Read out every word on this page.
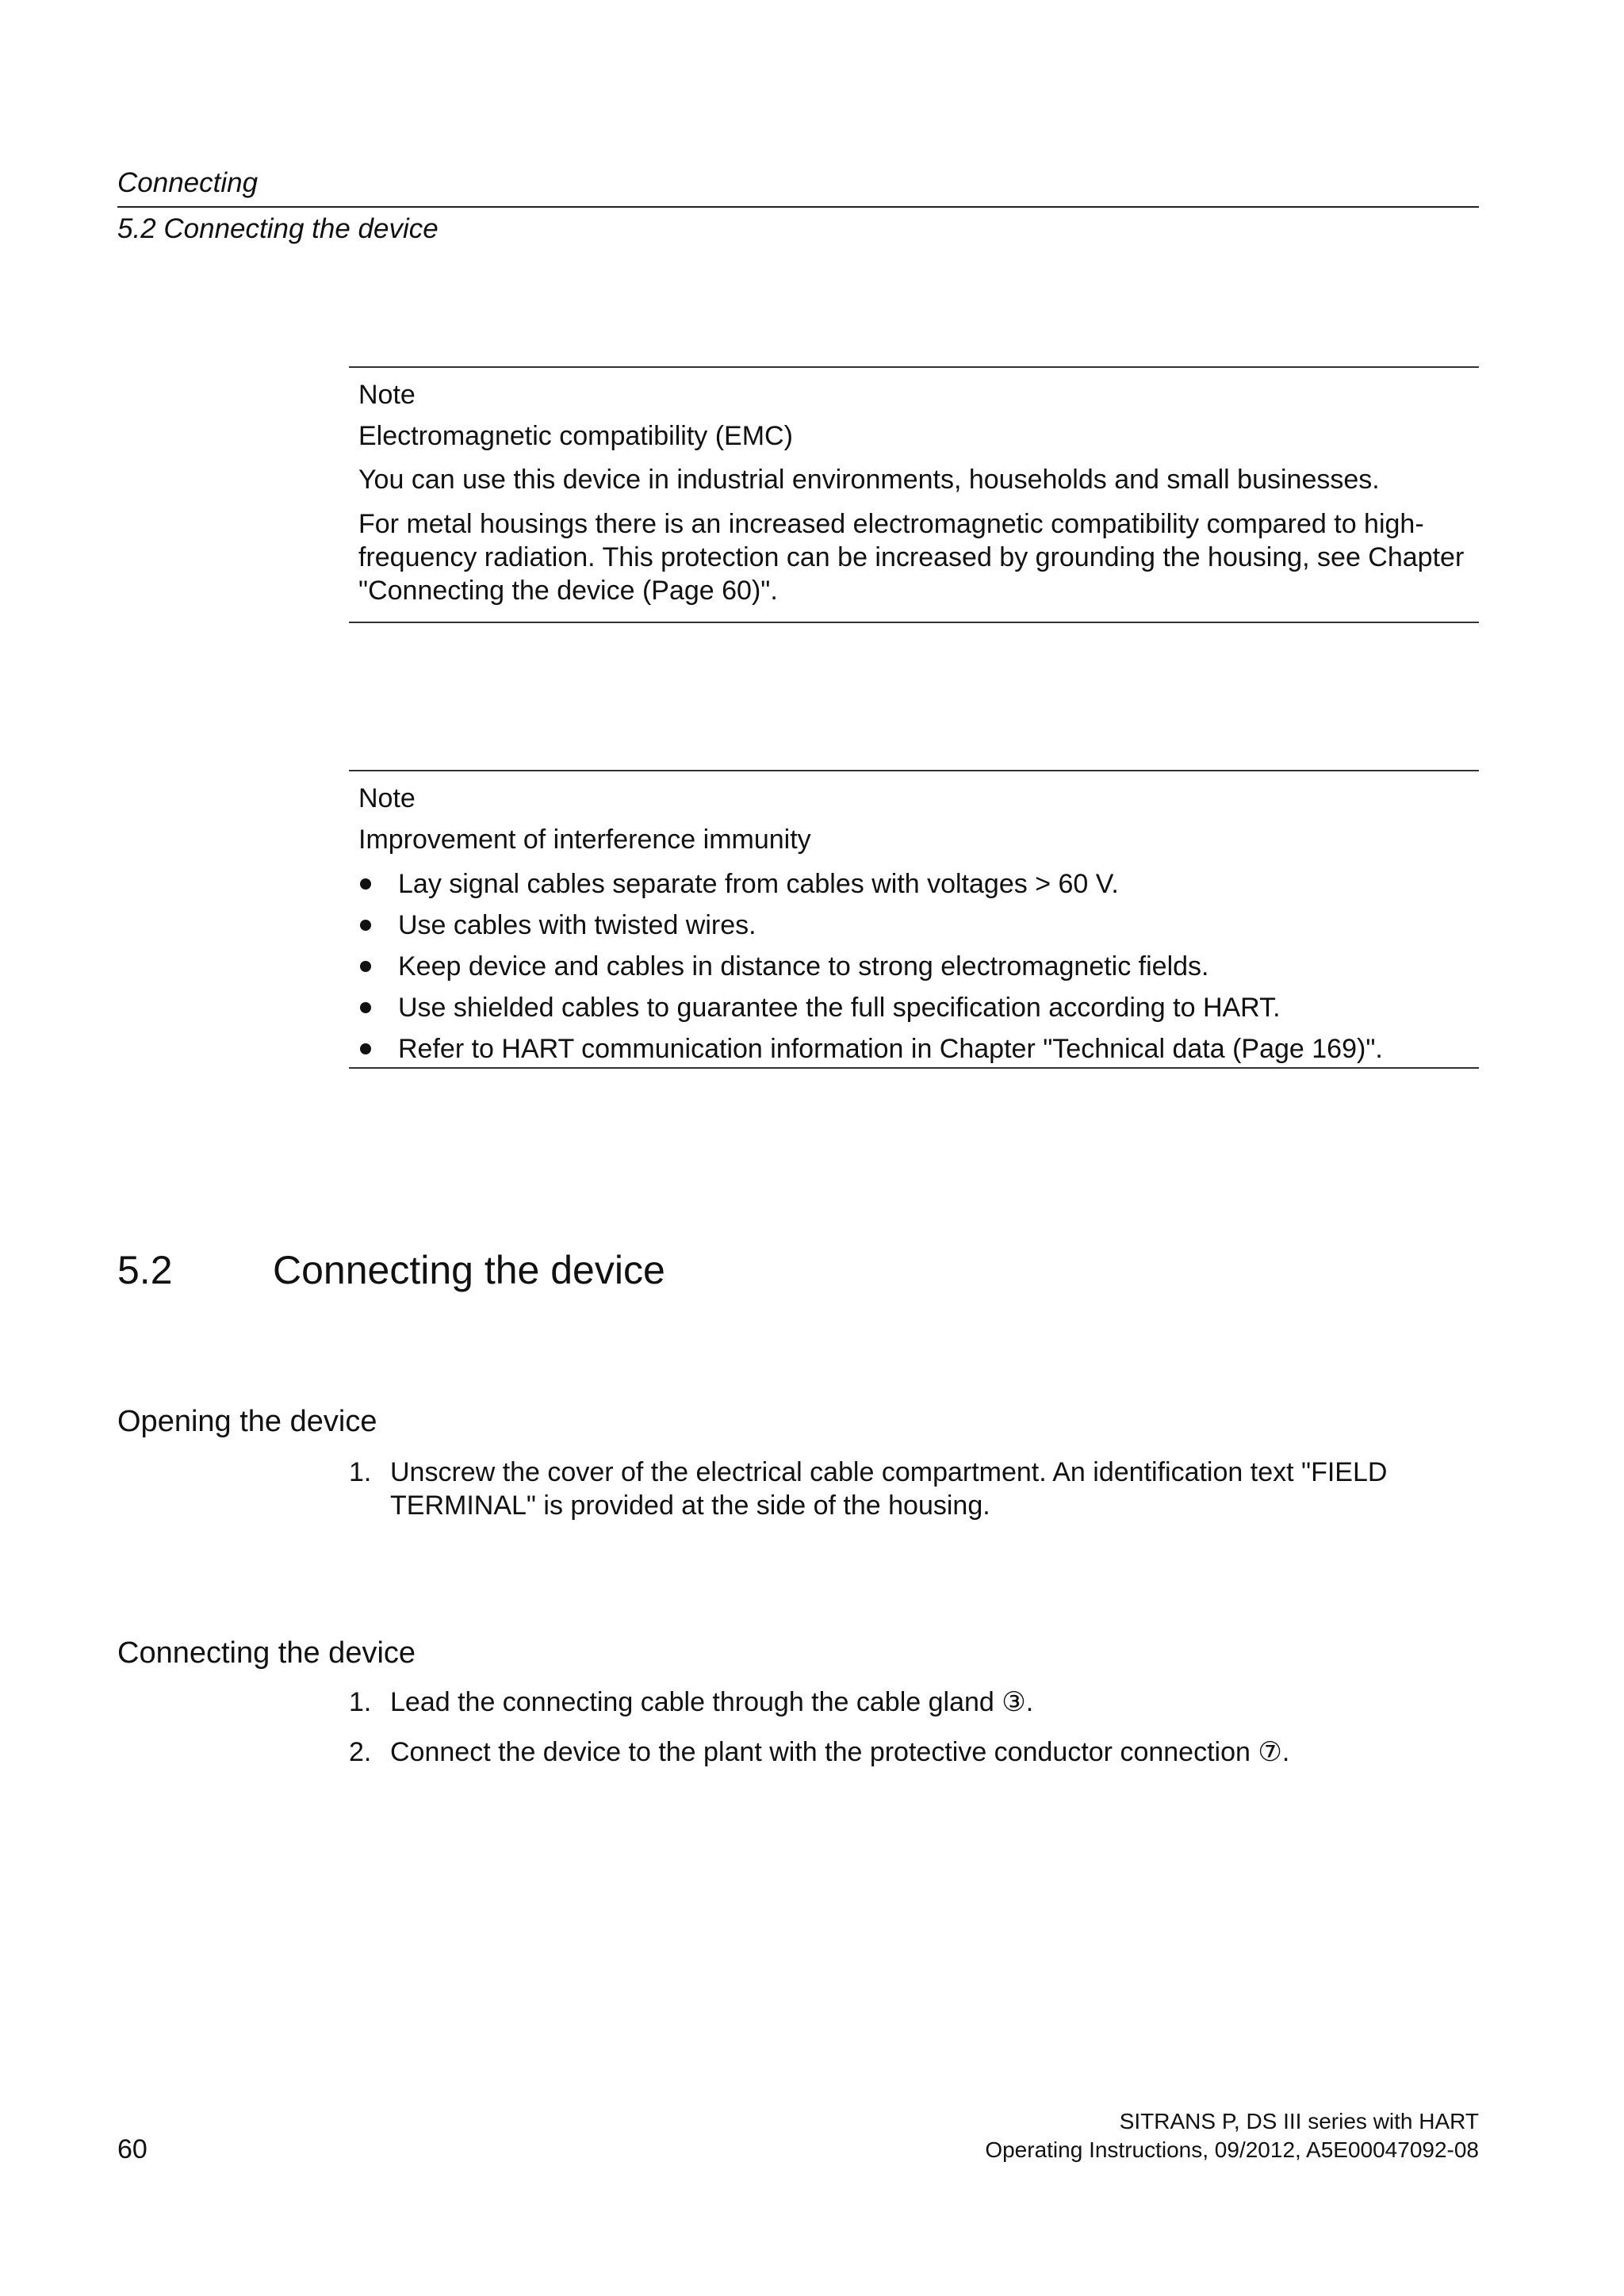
Connecting
5.2 Connecting the device
Note
Electromagnetic compatibility (EMC)
You can use this device in industrial environments, households and small businesses.
For metal housings there is an increased electromagnetic compatibility compared to high-frequency radiation. This protection can be increased by grounding the housing, see Chapter "Connecting the device (Page 60)".
Note
Improvement of interference immunity
Lay signal cables separate from cables with voltages > 60 V.
Use cables with twisted wires.
Keep device and cables in distance to strong electromagnetic fields.
Use shielded cables to guarantee the full specification according to HART.
Refer to HART communication information in Chapter "Technical data (Page 169)".
5.2	Connecting the device
Opening the device
1. Unscrew the cover of the electrical cable compartment. An identification text "FIELD TERMINAL" is provided at the side of the housing.
Connecting the device
1. Lead the connecting cable through the cable gland ③.
2. Connect the device to the plant with the protective conductor connection ⑦.
60
SITRANS P, DS III series with HART
Operating Instructions, 09/2012, A5E00047092-08
